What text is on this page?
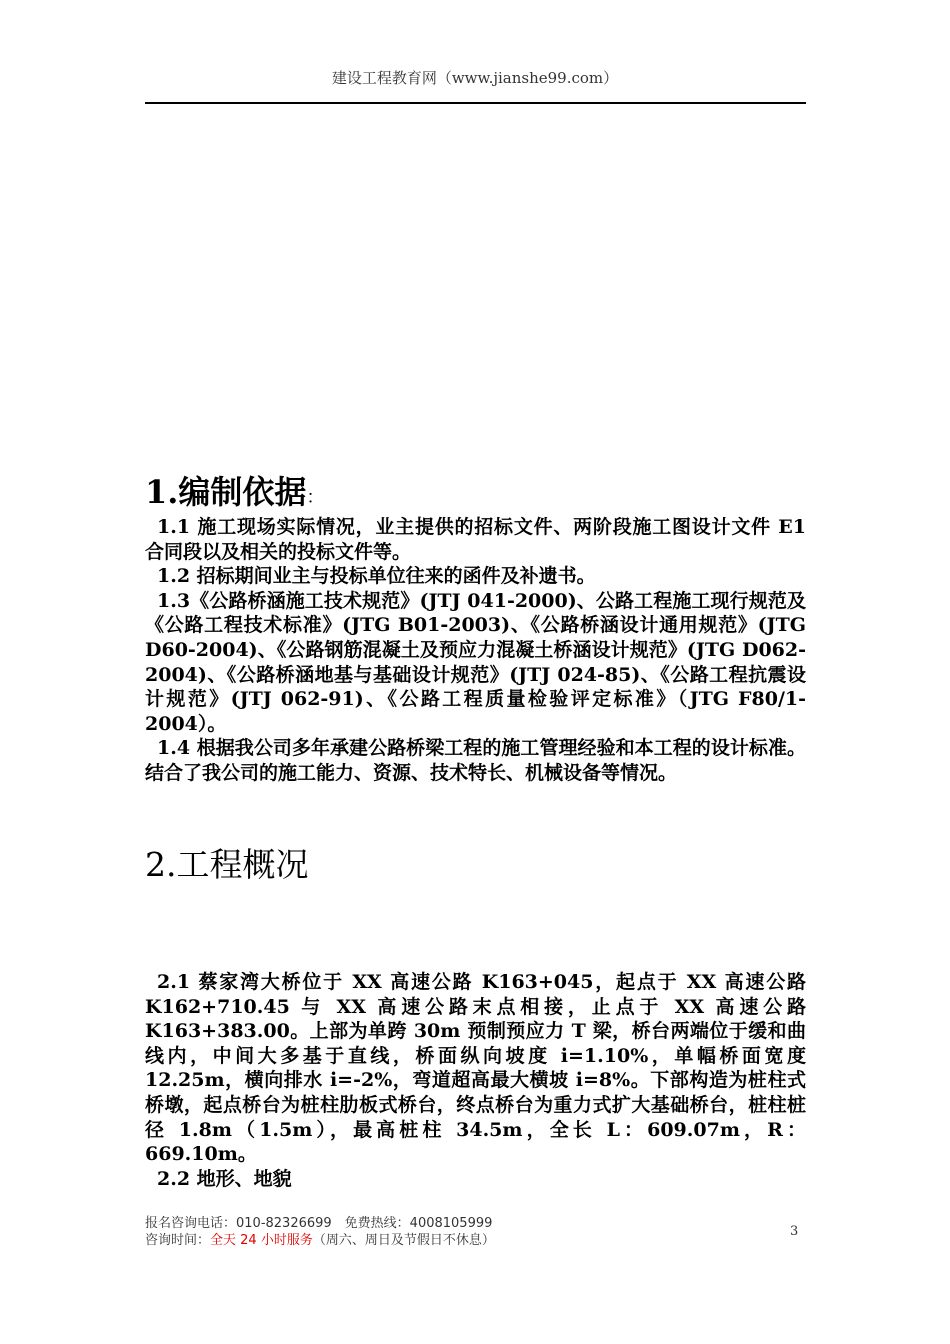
建设工程教育网（www.jianshe99.com）
1.编制依据：

1.1 施工现场实际情况，业主提供的招标文件、两阶段施工图设计文件 E1 合同段以及相关的投标文件等。

1.2 招标期间业主与投标单位往来的函件及补遗书。

1.3《公路桥涵施工技术规范》(JTJ 041-2000)、公路工程施工现行规范及《公路工程技术标准》(JTG B01-2003)、《公路桥涵设计通用规范》(JTG D60-2004)、《公路钢筋混凝土及预应力混凝土桥涵设计规范》(JTG D062-2004)、《公路桥涵地基与基础设计规范》(JTJ 024-85)、《公路工程抗震设计规范》(JTJ 062-91)、《公路工程质量检验评定标准》（JTG F80/1-2004）。

1.4 根据我公司多年承建公路桥梁工程的施工管理经验和本工程的设计标准。结合了我公司的施工能力、资源、技术特长、机械设备等情况。

2.工程概况

2.1 蔡家湾大桥位于 XX 高速公路 K163+045，起点于 XX 高速公路 K162+710.45 与 XX 高速公路末点相接，止点于 XX 高速公路 K163+383.00。上部为单跨 30m 预制预应力 T 梁，桥台两端位于缓和曲线内，中间大多基于直线，桥面纵向坡度 i=1.10%，单幅桥面宽度 12.25m，横向排水 i=-2%，弯道超高最大横坡 i=8%。下部构造为桩柱式桥墩，起点桥台为桩柱肋板式桥台，终点桥台为重力式扩大基础桥台，桩柱桩径 1.8m（1.5m），最高桩柱 34.5m，全长 L：609.07m，R：669.10m。

2.2 地形、地貌

报名咨询电话：010-82326699　免费热线：4008105999
咨询时间：全天 24 小时服务（周六、周日及节假日不休息）
3
